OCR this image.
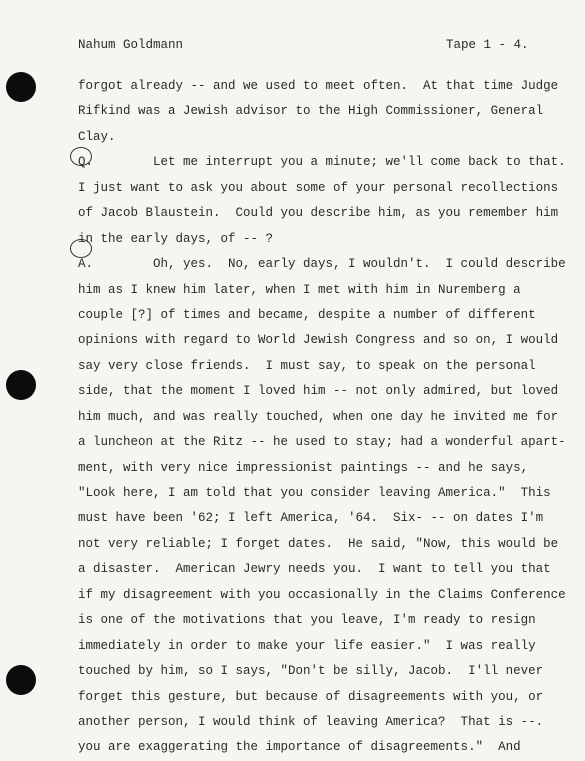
Nahum Goldmann	Tape 1 - 4.
forgot already -- and we used to meet often.  At that time Judge
Rifkind was a Jewish advisor to the High Commissioner, General
Clay.
Q.        Let me interrupt you a minute; we'll come back to that.
I just want to ask you about some of your personal recollections
of Jacob Blaustein.  Could you describe him, as you remember him
in the early days, of -- ?
A.        Oh, yes.  No, early days, I wouldn't.  I could describe
him as I knew him later, when I met with him in Nuremberg a
couple [?] of times and became, despite a number of different
opinions with regard to World Jewish Congress and so on, I would
say very close friends.  I must say, to speak on the personal
side, that the moment I loved him -- not only admired, but loved
him much, and was really touched, when one day he invited me for
a luncheon at the Ritz -- he used to stay; had a wonderful apart-
ment, with very nice impressionist paintings -- and he says,
"Look here, I am told that you consider leaving America."  This
must have been '62; I left America, '64.  Six- -- on dates I'm
not very reliable; I forget dates.  He said, "Now, this would be
a disaster.  American Jewry needs you.  I want to tell you that
if my disagreement with you occasionally in the Claims Conference
is one of the motivations that you leave, I'm ready to resign
immediately in order to make your life easier."  I was really
touched by him, so I says, "Don't be silly, Jacob.  I'll never
forget this gesture, but because of disagreements with you, or
another person, I would think of leaving America?  That is --.
you are exaggerating the importance of disagreements."  And
